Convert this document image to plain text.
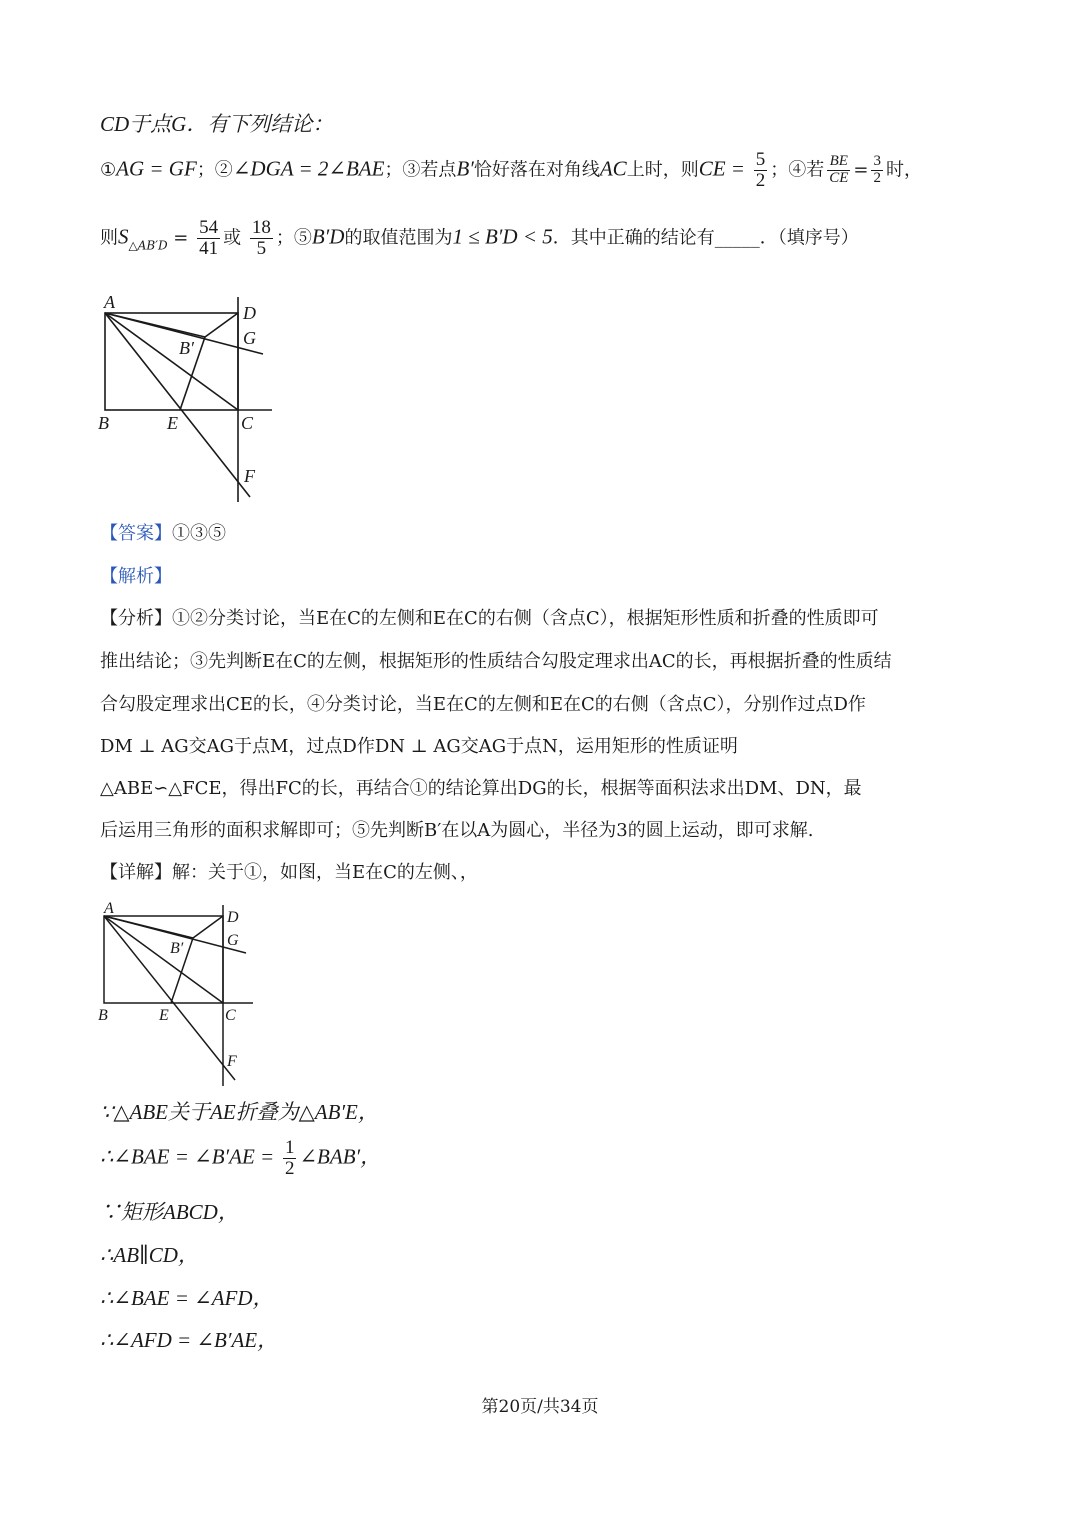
CD于点G．有下列结论：
①AG = GF；②∠DGA = 2∠BAE；③若点B′恰好落在对角线AC上时，则CE = $\frac{5}{2}$ ；④若 $\frac{BE}{CE} = \frac{3}{2}$ 时，
则$S_{\triangle AB'D} = \frac{54}{41}$ 或 $\frac{18}{5}$ ；⑤B′D的取值范围为1 ≤ B′D < 5．其中正确的结论有_____．（填序号）
A
D
G
B′
B	E	C
F
【答案】①③⑤
【解析】
【分析】①②分类讨论，当E在C的左侧和E在C的右侧（含点C），根据矩形性质和折叠的性质即可
推出结论；③先判断E在C的左侧，根据矩形的性质结合勾股定理求出AC的长，再根据折叠的性质结
合勾股定理求出CE的长，④分类讨论，当E在C的左侧和E在C的右侧（含点C），分别作过点D作
DM ⊥ AG交AG于点M，过点D作DN ⊥ AG交AG于点N，运用矩形的性质证明
△ABE∽△FCE，得出FC的长，再结合①的结论算出DG的长，根据等面积法求出DM、DN，最
后运用三角形的面积求解即可；⑤先判断B′在以A为圆心，半径为3的圆上运动，即可求解.
【详解】解：关于①，如图，当E在C的左侧、，
A
D
G
B′
B	E	C
F
∵△ABE关于AE折叠为△AB′E，
∴∠BAE = ∠B′AE = $\frac{1}{2}$ ∠BAB′，
∵矩形ABCD，
∴AB∥CD，
∴∠BAE = ∠AFD，
∴∠AFD = ∠B′AE，
第20页/共34页
